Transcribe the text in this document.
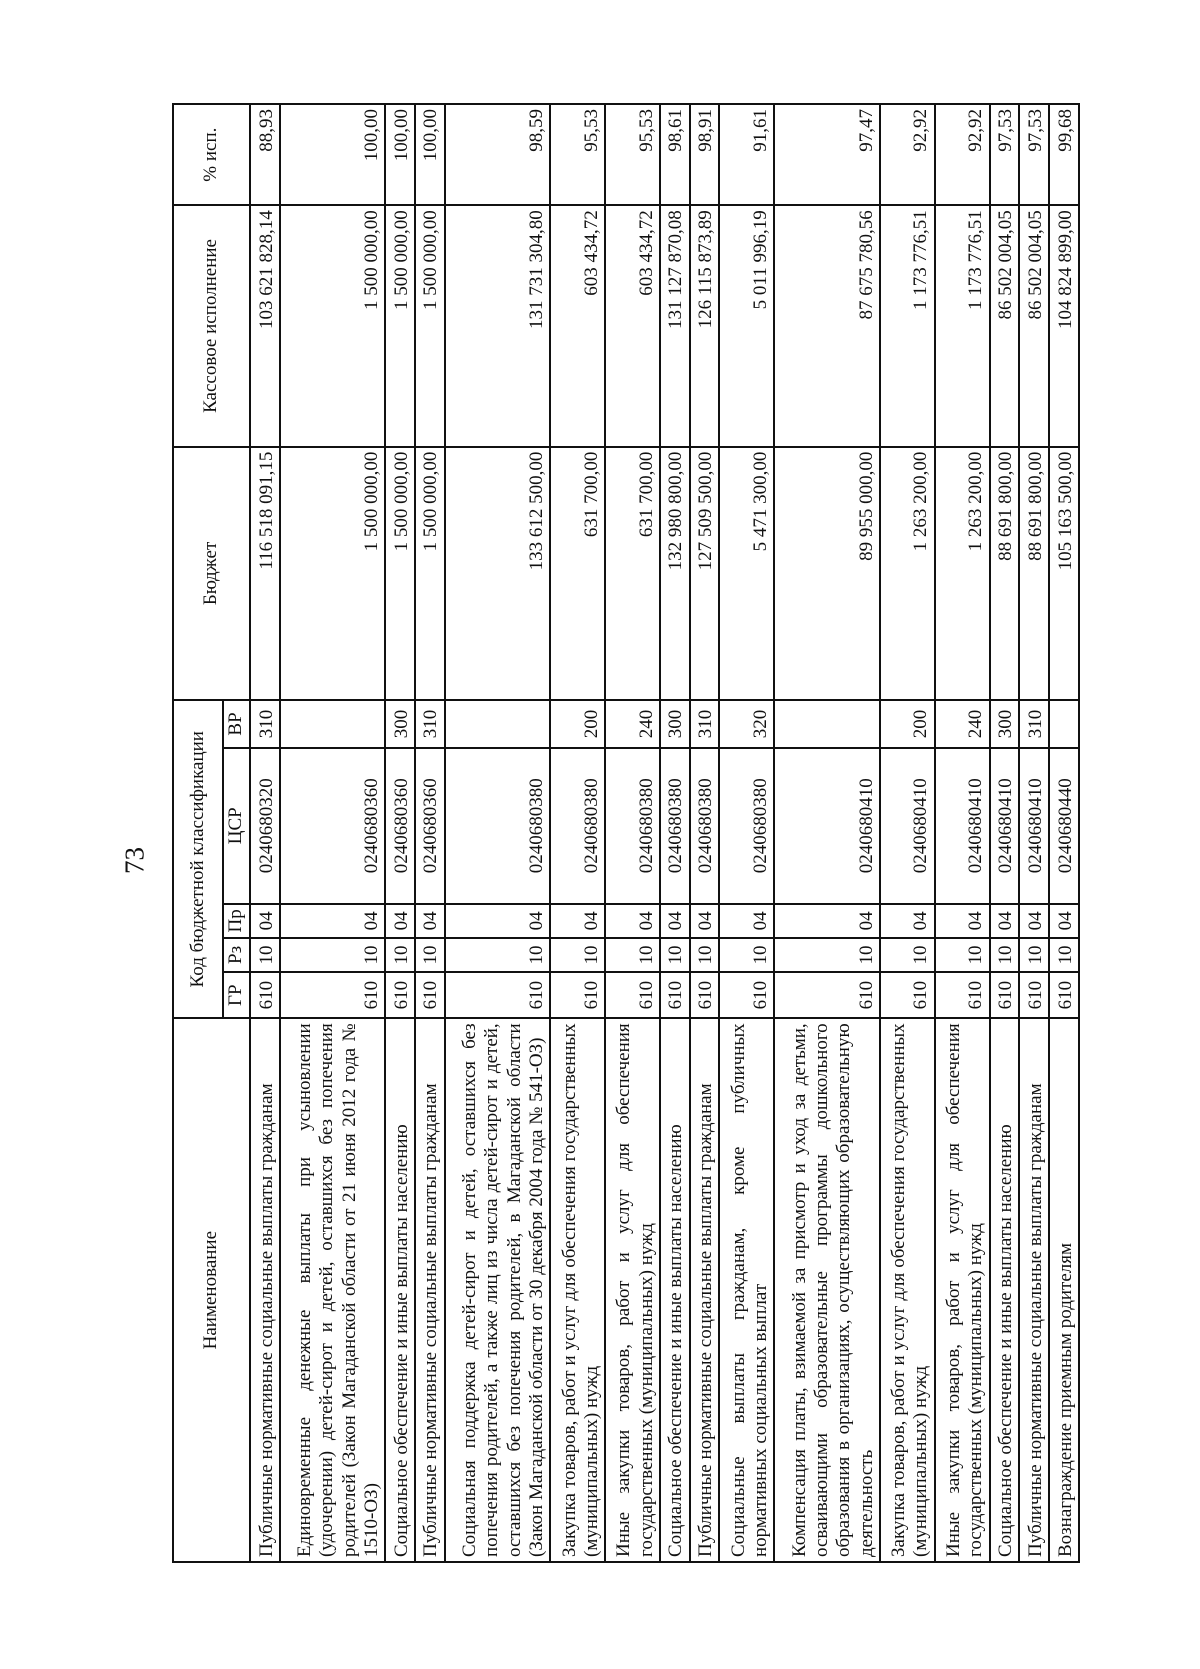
73
Наименование	Код бюджетной классификации					Бюджет	Кассовое исполнение	% исп.
	ГР	Рз	Пр	ЦСР	ВР			
Публичные нормативные социальные выплаты гражданам	610	10	04	0240680320	310	116 518 091,15	103 621 828,14	88,93
Единовременные денежные выплаты при усыновлении (удочерении) детей-сирот и детей, оставшихся без попечения родителей (Закон Магаданской области от 21 июня 2012 года № 1510-ОЗ)	610	10	04	0240680360		1 500 000,00	1 500 000,00	100,00
Социальное обеспечение и иные выплаты населению	610	10	04	0240680360	300	1 500 000,00	1 500 000,00	100,00
Публичные нормативные социальные выплаты гражданам	610	10	04	0240680360	310	1 500 000,00	1 500 000,00	100,00
Социальная поддержка детей-сирот и детей, оставшихся без попечения родителей, а также лиц из числа детей-сирот и детей, оставшихся без попечения родителей, в Магаданской области (Закон Магаданской области от 30 декабря 2004 года № 541-ОЗ)	610	10	04	0240680380		133 612 500,00	131 731 304,80	98,59
Закупка товаров, работ и услуг для обеспечения государственных (муниципальных) нужд	610	10	04	0240680380	200	631 700,00	603 434,72	95,53
Иные закупки товаров, работ и услуг для обеспечения государственных (муниципальных) нужд	610	10	04	0240680380	240	631 700,00	603 434,72	95,53
Социальное обеспечение и иные выплаты населению	610	10	04	0240680380	300	132 980 800,00	131 127 870,08	98,61
Публичные нормативные социальные выплаты гражданам	610	10	04	0240680380	310	127 509 500,00	126 115 873,89	98,91
Социальные выплаты гражданам, кроме публичных нормативных социальных выплат	610	10	04	0240680380	320	5 471 300,00	5 011 996,19	91,61
Компенсация платы, взимаемой за присмотр и уход за детьми, осваивающими образовательные программы дошкольного образования в организациях, осуществляющих образовательную деятельность	610	10	04	0240680410		89 955 000,00	87 675 780,56	97,47
Закупка товаров, работ и услуг для обеспечения государственных (муниципальных) нужд	610	10	04	0240680410	200	1 263 200,00	1 173 776,51	92,92
Иные закупки товаров, работ и услуг для обеспечения государственных (муниципальных) нужд	610	10	04	0240680410	240	1 263 200,00	1 173 776,51	92,92
Социальное обеспечение и иные выплаты населению	610	10	04	0240680410	300	88 691 800,00	86 502 004,05	97,53
Публичные нормативные социальные выплаты гражданам	610	10	04	0240680410	310	88 691 800,00	86 502 004,05	97,53
Вознаграждение приемным родителям	610	10	04	0240680440		105 163 500,00	104 824 899,00	99,68
